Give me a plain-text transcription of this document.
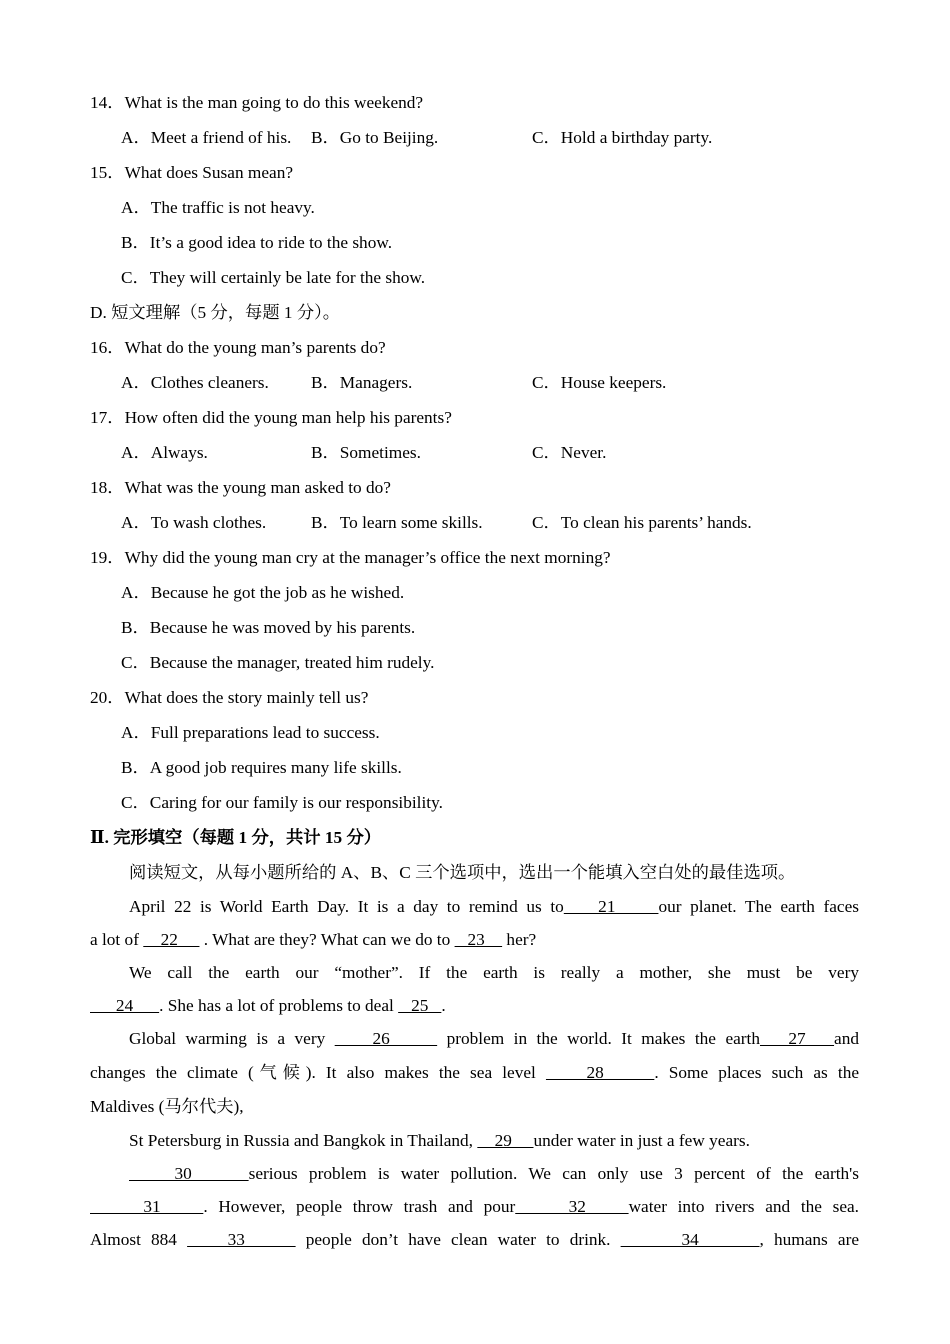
14．What is the man going to do this weekend?
A．Meet a friend of his. B．Go to Beijing.	C．Hold a birthday party.
15．What does Susan mean?
A．The traffic is not heavy.
B．It’s a good idea to ride to the show.
C．They will certainly be late for the show.
D. 短文理解（5 分，每题 1 分）。
16．What do the young man’s parents do?
A．Clothes cleaners. B．Managers.	C．House keepers.
17．How often did the young man help his parents?
A．Always.	B．Sometimes.	C．Never.
18．What was the young man asked to do?
A．To wash clothes.	B．To learn some skills.	C．To clean his parents’ hands.
19．Why did the young man cry at the manager’s office the next morning?
A．Because he got the job as he wished.
B．Because he was moved by his parents.
C．Because the manager, treated him rudely.
20．What does the story mainly tell us?
A．Full preparations lead to success.
B．A good job requires many life skills.
C．Caring for our family is our responsibility.
Ⅱ. 完形填空（每题 1 分，共计 15 分）
阅读短文，从每小题所给的 A、B、C 三个选项中，选出一个能填入空白处的最佳选项。
April 22 is World Earth Day. It is a day to remind us to    21     our planet. The earth faces
a lot of     22      . What are they? What can we do to    23     her?
We call the earth our “mother”. If the earth is really a mother, she must be very
24      . She has a lot of problems to deal    25   .
Global warming is a very     26      problem in the world. It makes the earth   27   and
changes the climate (气候). It also makes the sea level     28     . Some places such as the
Maldives (马尔代夫),
St Petersburg in Russia and Bangkok in Thailand,     29     under water in just a few years.
30     serious problem is water pollution. We can only use 3 percent of the earth's
31    . However, people throw trash and pour     32    water into rivers and the sea.
Almost 884     33      people don’t have clean water to drink.       34      , humans are
